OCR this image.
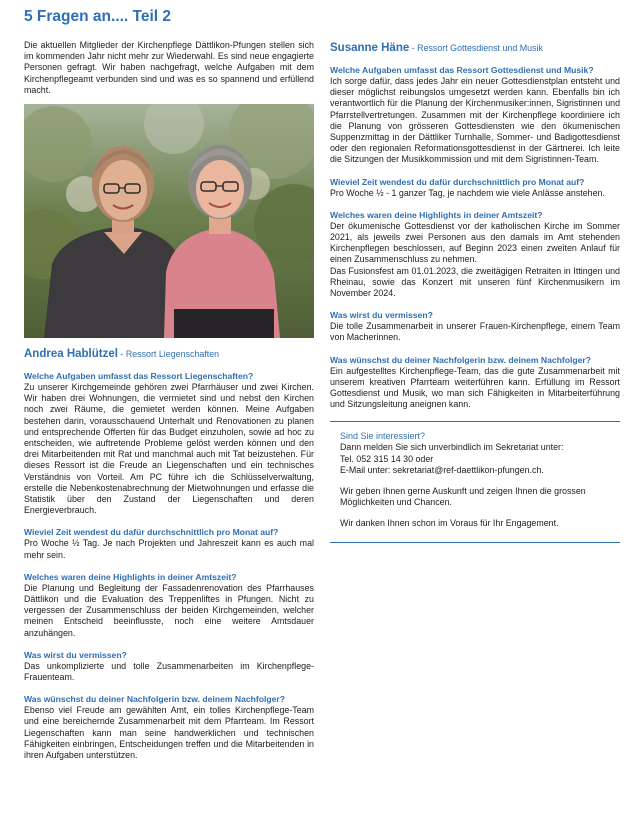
5 Fragen an.... Teil 2

Die aktuellen Mitglieder der Kirchenpflege Dättlikon-Pfungen stellen sich im kommenden Jahr nicht mehr zur Wiederwahl. Es sind neue engagierte Personen gefragt. Wir haben nachgefragt, welche Aufgaben mit dem Kirchenpflegeamt verbunden sind und was es so spannend und erfüllend macht.

Andrea Hablützel - Ressort Liegenschaften
Welche Aufgaben umfasst das Ressort Liegenschaften?

Zu unserer Kirchgemeinde gehören zwei Pfarrhäuser und zwei Kirchen. Wir haben drei Wohnungen, die vermietet sind und nebst den Kirchen noch zwei Räume, die gemietet werden können. Meine Aufgaben bestehen darin, vorausschauend Unterhalt und Renovationen zu planen und entsprechende Offerten für das Budget einzuholen, sowie ad hoc zu entscheiden, wie auftretende Probleme gelöst werden können und den drei Mitarbeitenden mit Rat und manchmal auch mit Tat beizustehen. Für dieses Ressort ist die Freude an Liegenschaften und ein technisches Verständnis von Vorteil. Am PC führe ich die Schlüsselverwaltung, erstelle die Nebenkostenabrechnung der Mietwohnungen und erfasse die Statistik über den Zustand der Liegenschaften und deren Energieverbrauch.

Wieviel Zeit wendest du dafür durchschnittlich pro Monat auf?

Pro Woche ½ Tag. Je nach Projekten und Jahreszeit kann es auch mal mehr sein.

Welches waren deine Highlights in deiner Amtszeit?

Die Planung und Begleitung der Fassadenrenovation des Pfarrhauses Dättlikon und die Evaluation des Treppenliftes in Pfungen. Nicht zu vergessen der Zusammenschluss der beiden Kirchgemeinden, welcher meinen Entscheid beeinflusste, noch eine weitere Amtsdauer anzuhängen.

Was wirst du vermissen?

Das unkomplizierte und tolle Zusammenarbeiten im Kirchenpflege-Frauenteam.

Was wünschst du deiner Nachfolgerin bzw. deinem Nachfolger?

Ebenso viel Freude am gewählten Amt, ein tolles Kirchenpflege-Team und eine bereichernde Zusammenarbeit mit dem Pfarrteam. Im Ressort Liegenschaften kann man seine handwerklichen und technischen Fähigkeiten einbringen, Entscheidungen treffen und die Mitarbeitenden in ihren Aufgaben unterstützen.

Susanne Häne - Ressort Gottesdienst und Musik
Welche Aufgaben umfasst das Ressort Gottesdienst und Musik?

Ich sorge dafür, dass jedes Jahr ein neuer Gottesdienstplan entsteht und dieser möglichst reibungslos umgesetzt werden kann. Ebenfalls bin ich verantwortlich für die Planung der Kirchenmusiker:innen, Sigristinnen und Pfarrstellvertretungen. Zusammen mit der Kirchenpflege koordiniere ich die Planung von grösseren Gottesdiensten wie den ökumenischen Suppenzmittag in der Dättliker Turnhalle, Sommer- und Badigottesdienst oder den regionalen Reformationsgottesdienst in der Gärtnerei. Ich leite die Sitzungen der Musikkommission und mit dem Sigristinnen-Team.

Wieviel Zeit wendest du dafür durchschnittlich pro Monat auf?

Pro Woche ½ - 1 ganzer Tag, je nachdem wie viele Anlässe anstehen.

Welches waren deine Highlights in deiner Amtszeit?

Der ökumenische Gottesdienst vor der katholischen Kirche im Sommer 2021, als jeweils zwei Personen aus den damals im Amt stehenden Kirchenpflegen beschlossen, auf Beginn 2023 einen zweiten Anlauf für einen Zusammenschluss zu nehmen.

Das Fusionsfest am 01.01.2023, die zweitägigen Retraiten in Ittingen und Rheinau, sowie das Konzert mit unseren fünf Kirchenmusikern im November 2024.

Was wirst du vermissen?

Die tolle Zusammenarbeit in unserer Frauen-Kirchenpflege, einem Team von Macherinnen.

Was wünschst du deiner Nachfolgerin bzw. deinem Nachfolger?

Ein aufgestelltes Kirchenpflege-Team, das die gute Zusammenarbeit mit unserem kreativen Pfarrteam weiterführen kann. Erfüllung im Ressort Gottesdienst und Musik, wo man sich Fähigkeiten in Mitarbeiterführung und Sitzungsleitung aneignen kann.

Sind Sie interessiert?

Dann melden Sie sich unverbindlich im Sekretariat unter:

Tel. 052 315 14 30 oder

E-Mail unter: sekretariat@ref-daettlikon-pfungen.ch.

Wir geben Ihnen gerne Auskunft und zeigen Ihnen die grossen Möglichkeiten und Chancen.

Wir danken Ihnen schon im Voraus für Ihr Engagement.
